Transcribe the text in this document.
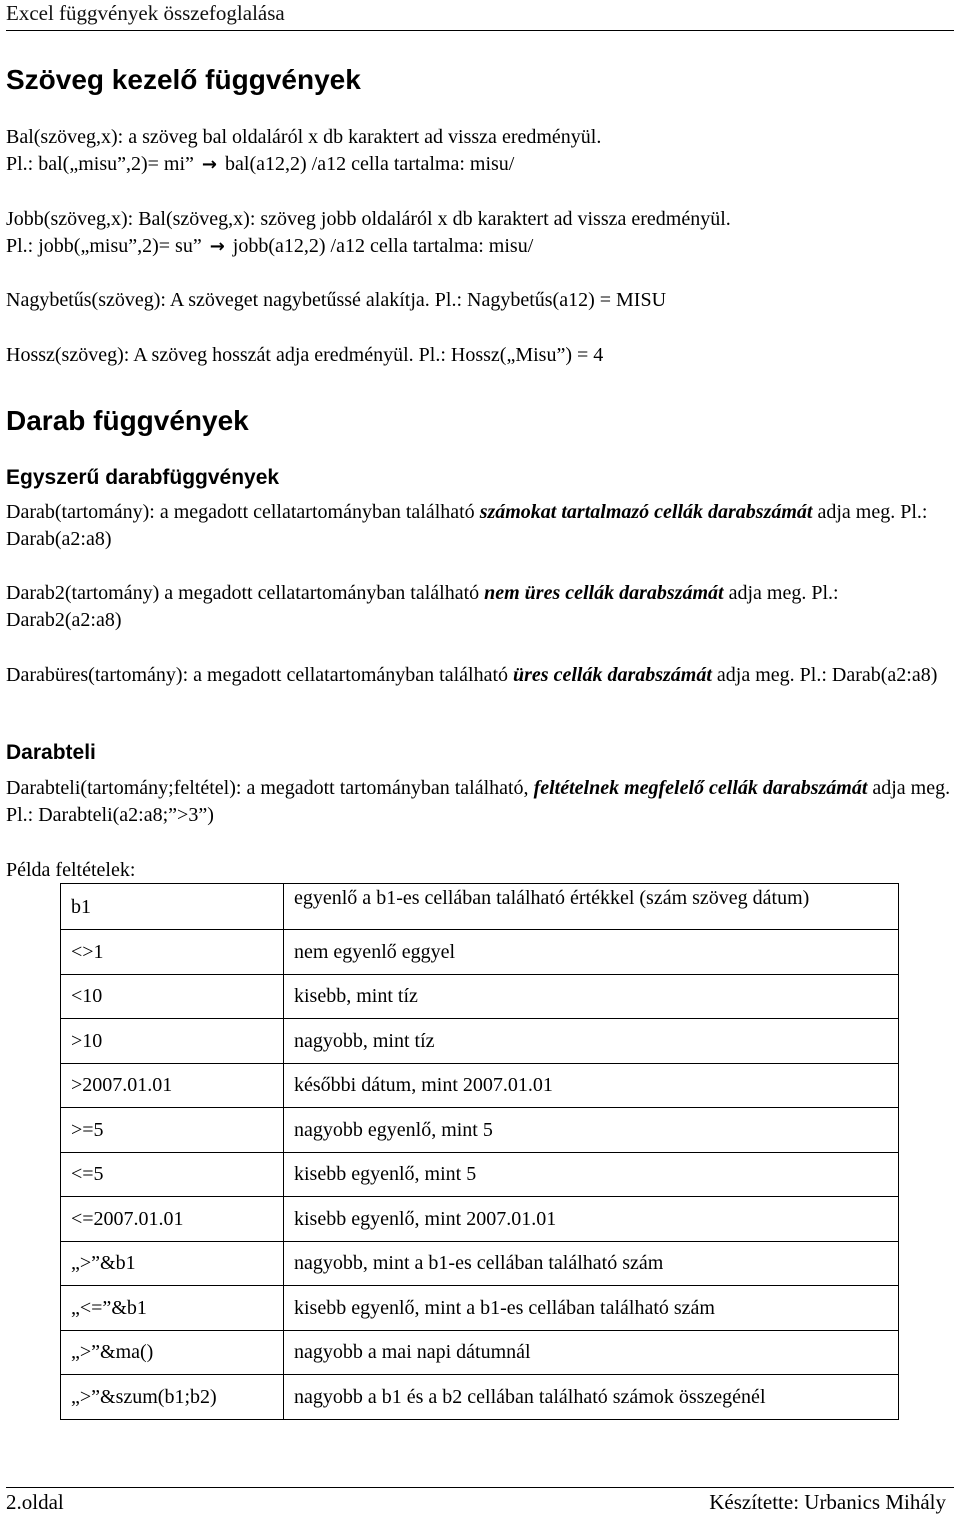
Excel függvények összefoglalása
Szöveg kezelő függvények

Bal(szöveg,x): a szöveg bal oldaláról x db karaktert ad vissza eredményül.
Pl.: bal(„misu”,2)= mi” → bal(a12,2) /a12 cella tartalma: misu/

Jobb(szöveg,x): Bal(szöveg,x): szöveg jobb oldaláról x db karaktert ad vissza eredményül.
Pl.: jobb(„misu”,2)= su” → jobb(a12,2) /a12 cella tartalma: misu/

Nagybetűs(szöveg): A szöveget nagybetűssé alakítja. Pl.: Nagybetűs(a12) = MISU

Hossz(szöveg): A szöveg hosszát adja eredményül. Pl.: Hossz(„Misu”) = 4

Darab függvények
Egyszerű darabfüggvények

Darab(tartomány): a megadott cellatartományban található számokat tartalmazó cellák darabszámát adja meg. Pl.: Darab(a2:a8)

Darab2(tartomány) a megadott cellatartományban található nem üres cellák darabszámát adja meg. Pl.: Darab2(a2:a8)

Darabüres(tartomány): a megadott cellatartományban található üres cellák darabszámát adja meg. Pl.: Darab(a2:a8)

Darabteli

Darabteli(tartomány;feltétel): a megadott tartományban található, feltételnek megfelelő cellák darabszámát adja meg. Pl.: Darabteli(a2:a8;”>3”)

Példa feltételek:

b1	egyenlő a b1-es cellában található értékkel (szám szöveg dátum)

<>1	nem egyenlő eggyel
<10	kisebb, mint tíz
>10	nagyobb, mint tíz
>2007.01.01	későbbi dátum, mint 2007.01.01
>=5	nagyobb egyenlő, mint 5
<=5	kisebb egyenlő, mint 5
<=2007.01.01	kisebb egyenlő, mint 2007.01.01
„>”&b1	nagyobb, mint a b1-es cellában található szám
„<=”&b1	kisebb egyenlő, mint a b1-es cellában található szám
„>”&ma()	nagyobb a mai napi dátumnál
„>”&szum(b1;b2)	nagyobb a b1 és a b2 cellában található számok összegénél
2.oldal	Készítette: Urbanics Mihály
